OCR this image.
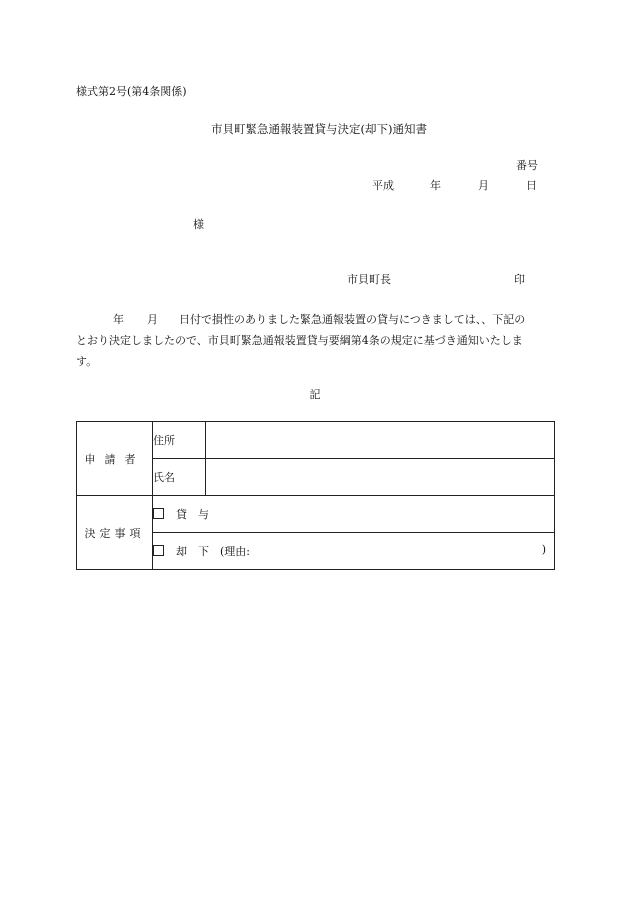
様式第2号(第4条関係)
市貝町緊急通報装置貸与決定(却下)通知書
番号
平成	年	月	日
様
市貝町長	印
年 月 日付で損性のありました緊急通報装置の貸与につきましては、、下記の
とおり決定しましたので、市貝町緊急通報装置貸与要綱第4条の規定に基づき通知いたしま
す。
記
申請者	住所	
	氏名	
決定事項	貸与	
	却下(理由: )	
